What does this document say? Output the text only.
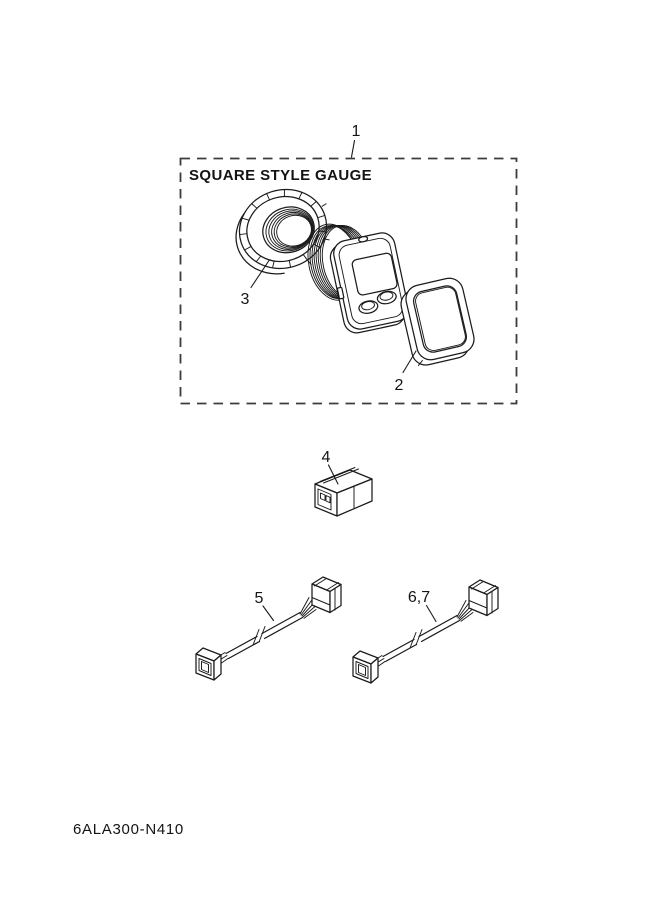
SQUARE STYLE GAUGE
1
3
2
4
5	6,7
6ALA300-N410
